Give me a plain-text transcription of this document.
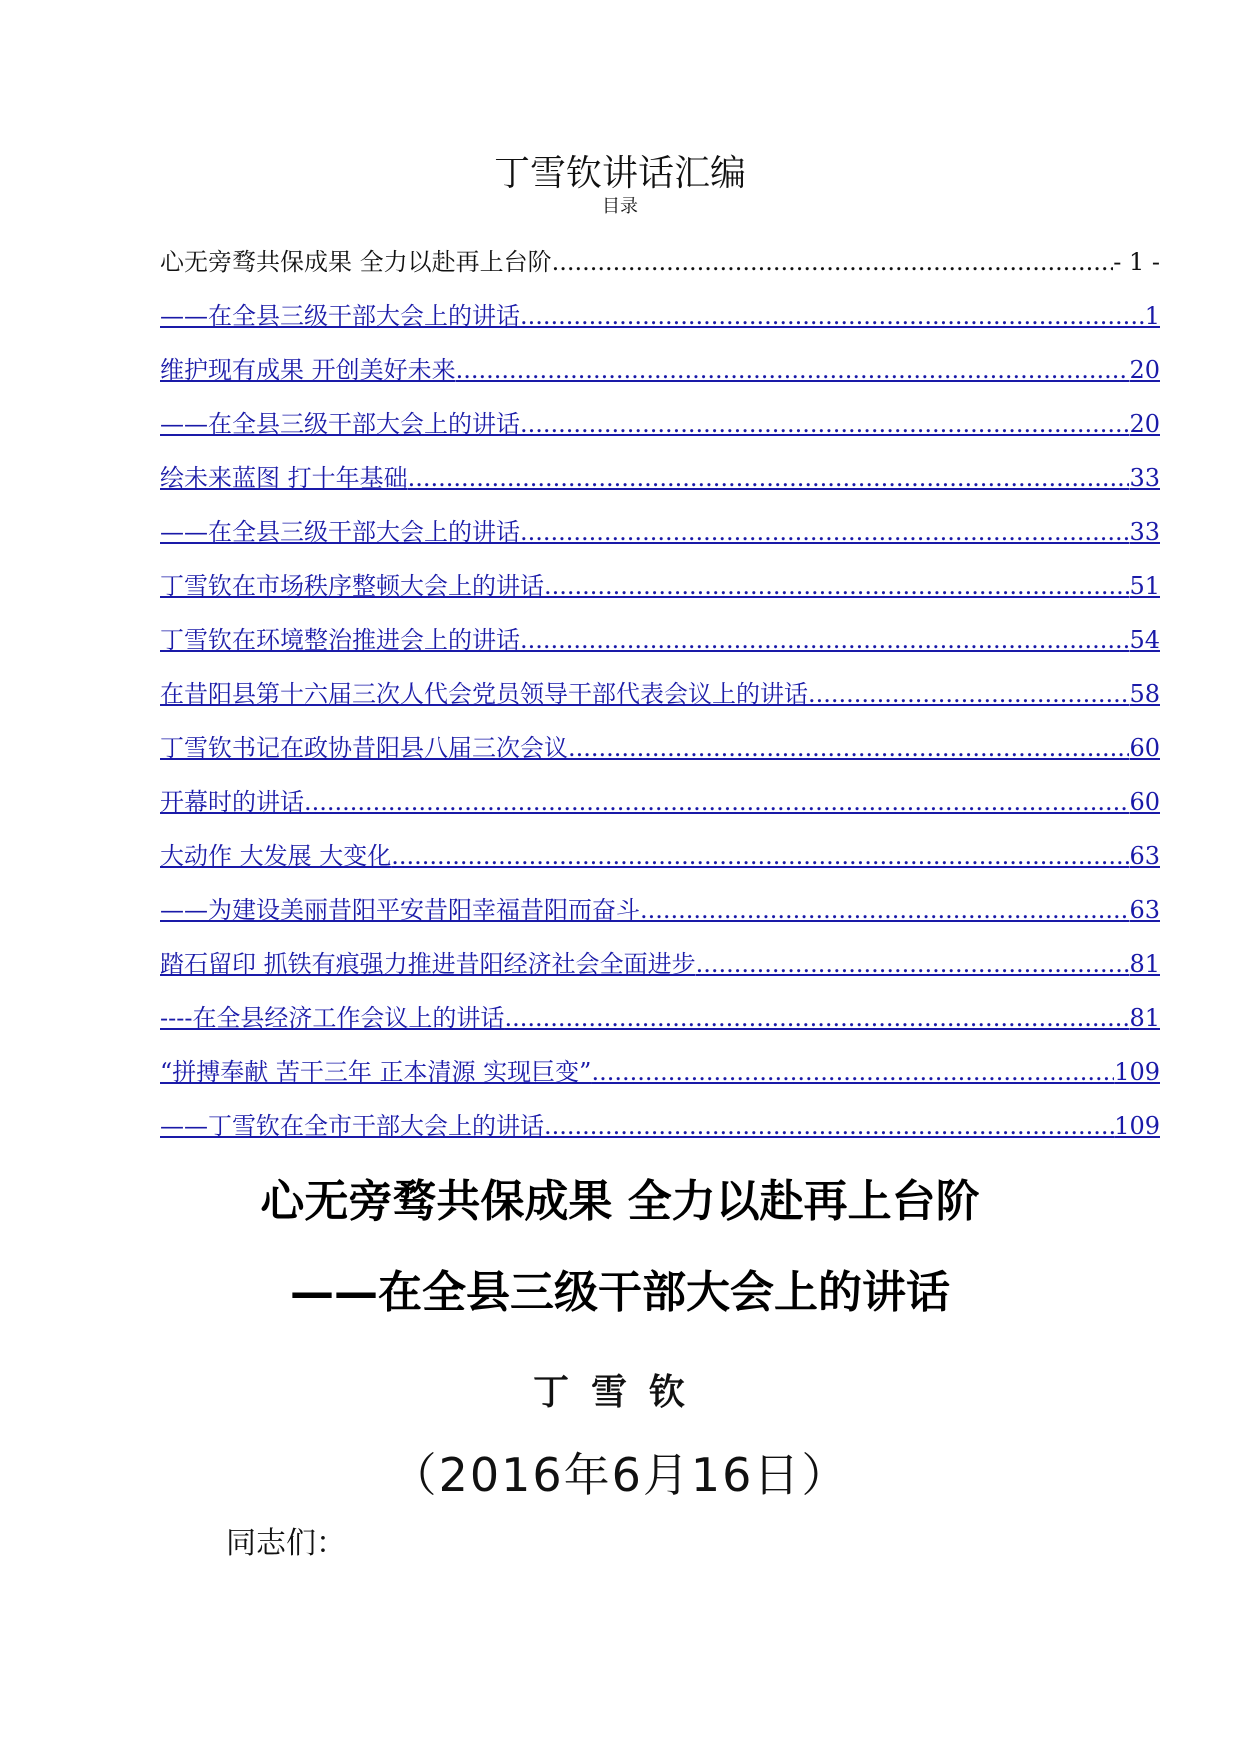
丁雪钦讲话汇编
目录
心无旁骛共保成果 全力以赴再上台阶 .....	- 1 -
——在全县三级干部大会上的讲话 .....	1
维护现有成果 开创美好未来 .....	20
——在全县三级干部大会上的讲话 .....	20
绘未来蓝图 打十年基础 .....	33
——在全县三级干部大会上的讲话 .....	33
丁雪钦在市场秩序整顿大会上的讲话 .....	51
丁雪钦在环境整治推进会上的讲话 .....	54
在昔阳县第十六届三次人代会党员领导干部代表会议上的讲话 .....	58
丁雪钦书记在政协昔阳县八届三次会议 .....	60
开幕时的讲话 .....	60
大动作 大发展 大变化 .....	63
——为建设美丽昔阳平安昔阳幸福昔阳而奋斗 .....	63
踏石留印 抓铁有痕强力推进昔阳经济社会全面进步 .....	81
----在全县经济工作会议上的讲话 .....	81
“拼搏奉献 苦干三年 正本清源 实现巨变” .....	109
——丁雪钦在全市干部大会上的讲话 .....	109
心无旁骛共保成果 全力以赴再上台阶
——在全县三级干部大会上的讲话
丁雪钦
（2016年6月16日）
同志们：
